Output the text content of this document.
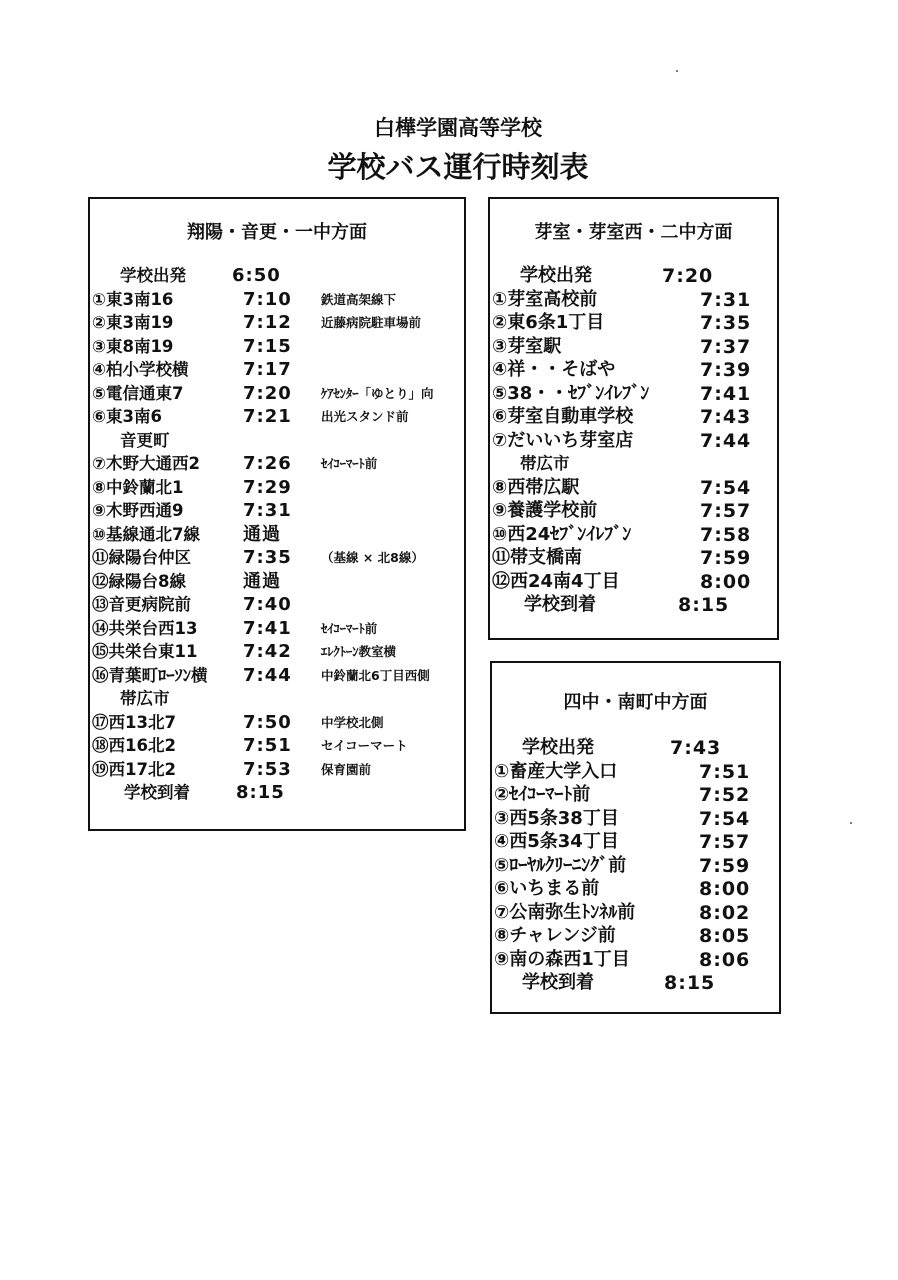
白樺学園高等学校
学校バス運行時刻表
翔陽・音更・一中方面
学校出発	6:50
①東3南16	7:10 鉄道高架線下
②東3南19	7:12 近藤病院駐車場前
③東8南19	7:15
④柏小学校横	7:17
⑤電信通東7	7:20 ｹｱｾﾝﾀｰ「ゆとり」向
⑥東3南6	7:21 出光スタンド前
音更町
⑦木野大通西2 7:26 ｾｲｺｰﾏｰﾄ前
⑧中鈴蘭北1	7:29
⑨木野西通9	7:31
⑩基線通北7線 通過
⑪緑陽台仲区	7:35 （基線 × 北8線）
⑫緑陽台8線	通過
⑬音更病院前	7:40
⑭共栄台西13	7:41 ｾｲｺｰﾏｰﾄ前
⑮共栄台東11	7:42 ｴﾚｸﾄｰﾝ教室横
⑯青葉町ﾛｰｿﾝ横 7:44 中鈴蘭北6丁目西側
帯広市
⑰西13北7	7:50 中学校北側
⑱西16北2	7:51 セイコーマート
⑲西17北2	7:53 保育園前
学校到着	8:15
芽室・芽室西・二中方面
学校出発	7:20
①芽室高校前	7:31
②東6条1丁目	7:35
③芽室駅	7:37
④祥・・そばや	7:39
⑤38・・ｾﾌﾞﾝｲﾚﾌﾞﾝ	7:41
⑥芽室自動車学校	7:43
⑦だいいち芽室店	7:44
帯広市
⑧西帯広駅	7:54
⑨養護学校前	7:57
⑩西24ｾﾌﾞﾝｲﾚﾌﾞﾝ	7:58
⑪帯支橋南	7:59
⑫西24南4丁目	8:00
学校到着	8:15
四中・南町中方面
学校出発	7:43
①畜産大学入口	7:51
②ｾｲｺｰﾏｰﾄ前	7:52
③西5条38丁目	7:54
④西5条34丁目	7:57
⑤ﾛｰﾔﾙｸﾘｰﾆﾝｸﾞ前	7:59
⑥いちまる前	8:00
⑦公南弥生ﾄﾝﾈﾙ前	8:02
⑧チャレンジ前	8:05
⑨南の森西1丁目	8:06
学校到着	8:15
